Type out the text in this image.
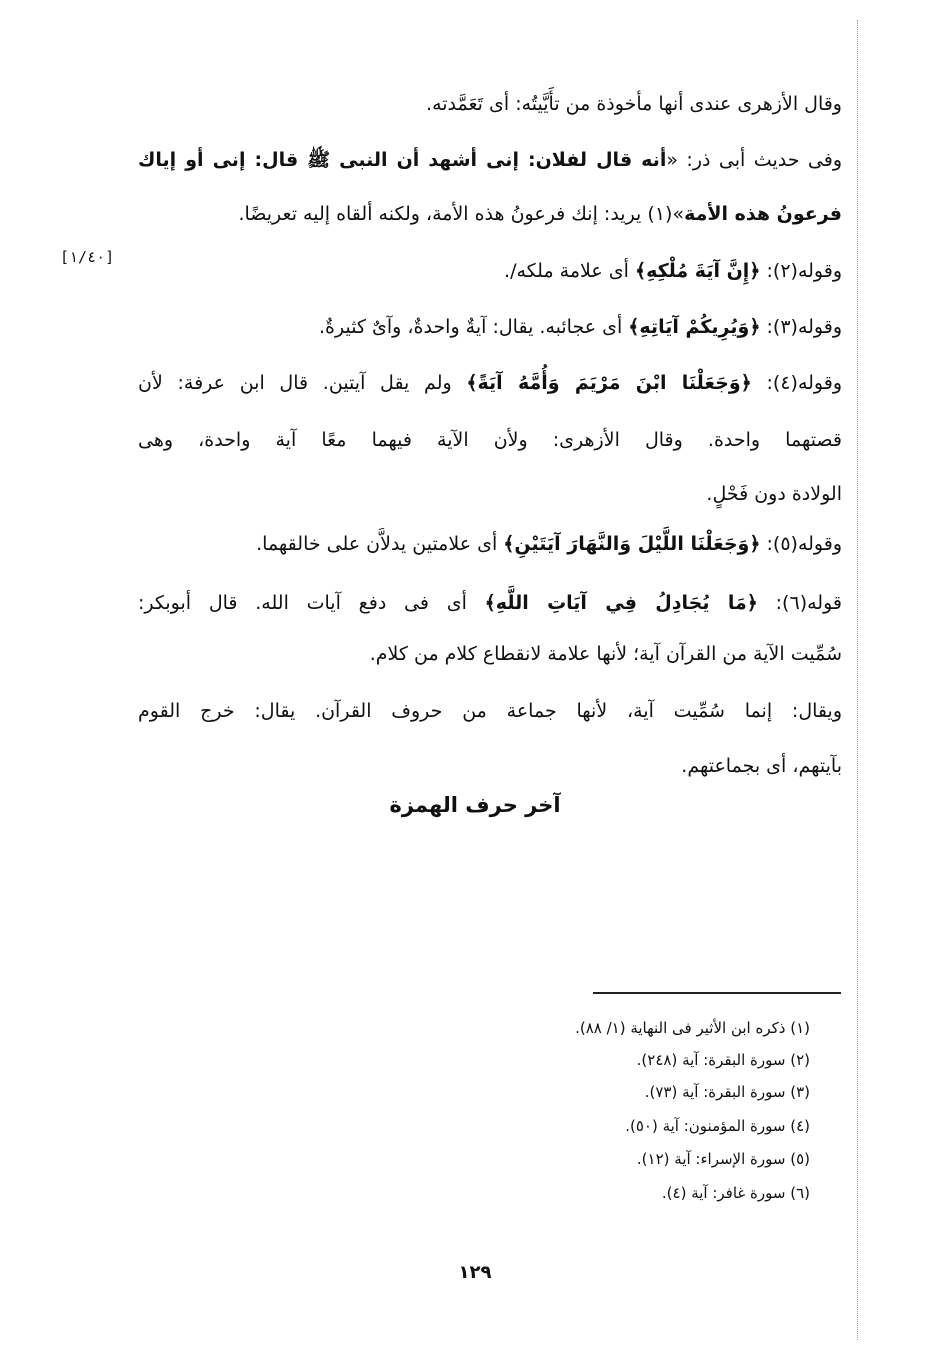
[١/٤٠]
وقال الأزهرى عندى أنها مأخوذة من تأَيَّيتُه: أى تَعَمَّدته.
وفى حديث أبى ذر: «أنه قال لفلان: إنى أشهد أن النبى ﷺ قال: إنى أو إياك
فرعونُ هذه الأمة»(١) يريد: إنك فرعونُ هذه الأمة، ولكنه ألقاه إليه تعريضًا.
وقوله(٢): ﴿إِنَّ آيَةَ مُلْكِهِ﴾ أى علامة ملكه/.
وقوله(٣): ﴿وَيُرِيكُمْ آيَاتِهِ﴾ أى عجائبه. يقال: آيةٌ واحدةٌ، وآىٌ كثيرةٌ.
وقوله(٤): ﴿وَجَعَلْنَا ابْنَ مَرْيَمَ وَأُمَّهُ آيَةً﴾ ولم يقل آيتين. قال ابن عرفة: لأن
قصتهما واحدة. وقال الأزهرى: ولأن الآية فيهما معًا آية واحدة، وهى
الولادة دون فَحْلٍ.
وقوله(٥): ﴿وَجَعَلْنَا اللَّيْلَ وَالنَّهَارَ آيَتَيْنِ﴾ أى علامتين يدلاَّن على خالقهما.
قوله(٦): ﴿مَا يُجَادِلُ فِي آيَاتِ اللَّهِ﴾ أى فى دفع آيات الله. قال أبوبكر:
سُمِّيت الآية من القرآن آية؛ لأنها علامة لانقطاع كلام من كلام.
ويقال: إنما سُمِّيت آية، لأنها جماعة من حروف القرآن. يقال: خرج القوم
بآيتهم، أى بجماعتهم.
آخر حرف الهمزة
(١) ذكره ابن الأثير فى النهاية (١/ ٨٨).
(٢) سورة البقرة: آية (٢٤٨).
(٣) سورة البقرة: آية (٧٣).
(٤) سورة المؤمنون: آية (٥٠).
(٥) سورة الإسراء: آية (١٢).
(٦) سورة غافر: آية (٤).
١٢٩
